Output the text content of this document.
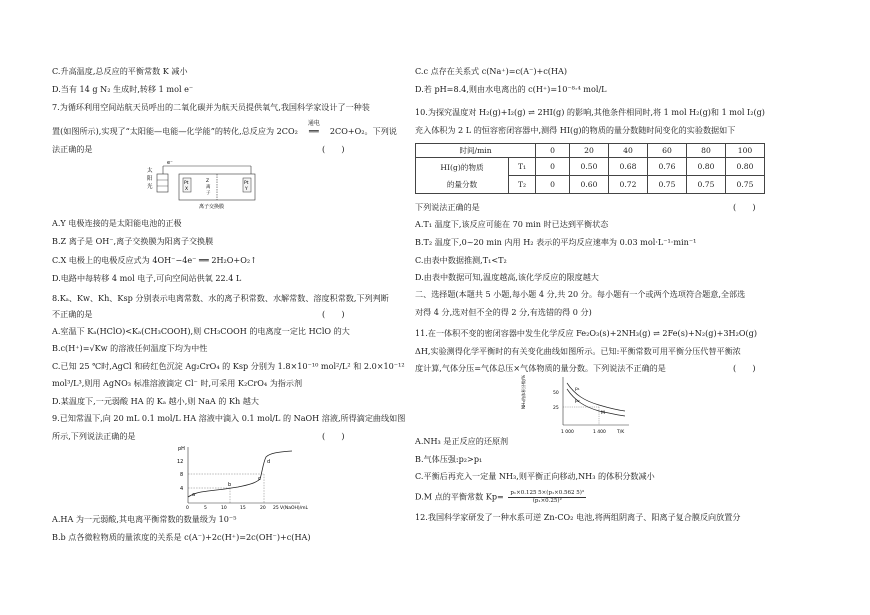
C.升高温度,总反应的平衡常数 K 减小
D.当有 14 g N₂ 生成时,转移 1 mol e⁻
7.为循环利用空间站航天员呼出的二氧化碳并为航天员提供氧气,我国科学家设计了一种装
置(如图所示),实现了“太阳能—电能—化学能”的转化,总反应为 2CO₂
通电
══ 2CO+O₂。下列说
法正确的是	(　　)
太
阳
光
e⁻
Pt
X
Z
离
子
Pt
Y
离子交换膜
A.Y 电极连接的是太阳能电池的正极
B.Z 离子是 OH⁻,离子交换膜为阳离子交换膜
C.X 电极上的电极反应式为 4OH⁻−4e⁻ ══ 2H₂O+O₂↑
D.电路中每转移 4 mol 电子,可向空间站供氧 22.4 L
8.Kₐ、Kw、Kh、Ksp 分别表示电离常数、水的离子积常数、水解常数、溶度积常数,下列判断
不正确的是	(　　)
A.室温下 Kₐ(HClO)<Kₐ(CH₃COOH),则 CH₃COOH 的电离度一定比 HClO 的大
B.c(H⁺)=√Kw 的溶液任何温度下均为中性
C.已知 25 ℃时,AgCl 和砖红色沉淀 Ag₂CrO₄ 的 Ksp 分别为 1.8×10⁻¹⁰ mol²/L² 和 2.0×10⁻¹²
mol³/L³,则用 AgNO₃ 标准溶液滴定 Cl⁻ 时,可采用 K₂CrO₄ 为指示剂
D.某温度下,一元弱酸 HA 的 Kₐ 越小,则 NaA 的 Kh 越大
9.已知常温下,向 20 mL 0.1 mol/L HA 溶液中滴入 0.1 mol/L 的 NaOH 溶液,所得滴定曲线如图
所示,下列说法正确的是	(　　)
pH
12
8
4
a
b
c
d
0	5	10	15	20 25 V(NaOH)/mL
A.HA 为一元弱酸,其电离平衡常数的数量级为 10⁻⁵
B.b 点各微粒物质的量浓度的关系是 c(A⁻)+2c(H⁺)=2c(OH⁻)+c(HA)
C.c 点存在关系式 c(Na⁺)=c(A⁻)+c(HA)
D.若 pH=8.4,则由水电离出的 c(H⁺)=10⁻⁸·⁴ mol/L
10.为探究温度对 H₂(g)+I₂(g) ⇌ 2HI(g) 的影响,其他条件相同时,将 1 mol H₂(g)和 1 mol I₂(g)
充入体积为 2 L 的恒容密闭容器中,测得 HI(g)的物质的量分数随时间变化的实验数据如下
时间/min		0	20	40	60	80	100

HI(g)的物质
的量分数	T₁	0	0.50	0.68	0.76	0.80	0.80
	T₂	0	0.60	0.72	0.75	0.75	0.75
下列说法正确的是	(　　)
A.T₁ 温度下,该反应可能在 70 min 时已达到平衡状态
B.T₂ 温度下,0~20 min 内用 H₂ 表示的平均反应速率为 0.03 mol·L⁻¹·min⁻¹
C.由表中数据推测,T₁<T₂
D.由表中数据可知,温度越高,该化学反应的限度越大
二、选择题(本题共 5 小题,每小题 4 分,共 20 分。每小题有一个或两个选项符合题意,全部选
对得 4 分,选对但不全的得 2 分,有选错的得 0 分)
11.在一体积不变的密闭容器中发生化学反应 Fe₂O₃(s)+2NH₃(g) ⇌ 2Fe(s)+N₂(g)+3H₂O(g)
ΔH,实验测得化学平衡时的有关变化曲线如图所示。已知:平衡常数可用平衡分压代替平衡浓
度计算,气体分压=气体总压×气体物质的量分数。下列说法不正确的是	(　　)
NH₃的体积分数/%	50
25
p₁
p₂
M
1 000	1 400 T/K
A.NH₃ 是正反应的还原剂
B.气体压强:p₂>p₁
C.平衡后再充入一定量 NH₃,则平衡正向移动,NH₃ 的体积分数减小
D.M 点的平衡常数 $Kp= \frac{\text{p₁×0.125 5×(p₁×0.562 5)³}}{\text{(p₁×0.25)²}}$
12.我国科学家研发了一种水系可逆 Zn-CO₂ 电池,将两组阴离子、阳离子复合膜反向放置分
